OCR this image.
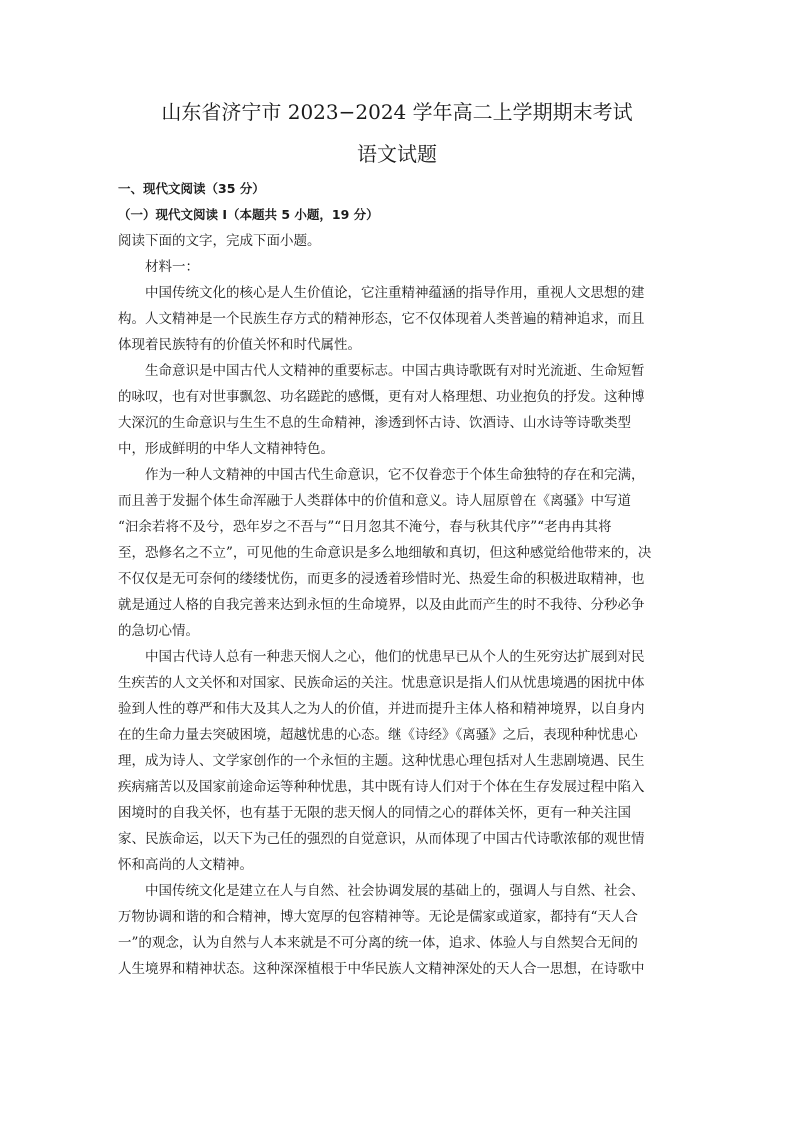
山东省济宁市 2023−2024 学年高二上学期期末考试
语文试题
一、现代文阅读（35 分）
（一）现代文阅读 I（本题共 5 小题，19 分）
阅读下面的文字，完成下面小题。
材料一：
中国传统文化的核心是人生价值论，它注重精神蕴涵的指导作用，重视人文思想的建
构。人文精神是一个民族生存方式的精神形态，它不仅体现着人类普遍的精神追求，而且
体现着民族特有的价值关怀和时代属性。
生命意识是中国古代人文精神的重要标志。中国古典诗歌既有对时光流逝、生命短暂
的咏叹，也有对世事飘忽、功名蹉跎的感慨，更有对人格理想、功业抱负的抒发。这种博
大深沉的生命意识与生生不息的生命精神，渗透到怀古诗、饮酒诗、山水诗等诗歌类型
中，形成鲜明的中华人文精神特色。
作为一种人文精神的中国古代生命意识，它不仅眷恋于个体生命独特的存在和完满，
而且善于发掘个体生命浑融于人类群体中的价值和意义。诗人屈原曾在《离骚》中写道
“汩余若将不及兮，恐年岁之不吾与”“日月忽其不淹兮，春与秋其代序”“老冉冉其将
至，恐修名之不立”，可见他的生命意识是多么地细敏和真切，但这种感觉给他带来的，决
不仅仅是无可奈何的缕缕忧伤，而更多的浸透着珍惜时光、热爱生命的积极进取精神，也
就是通过人格的自我完善来达到永恒的生命境界，以及由此而产生的时不我待、分秒必争
的急切心情。
中国古代诗人总有一种悲天悯人之心，他们的忧患早已从个人的生死穷达扩展到对民
生疾苦的人文关怀和对国家、民族命运的关注。忧患意识是指人们从忧患境遇的困扰中体
验到人性的尊严和伟大及其人之为人的价值，并进而提升主体人格和精神境界，以自身内
在的生命力量去突破困境，超越忧患的心态。继《诗经》《离骚》之后，表现种种忧患心
理，成为诗人、文学家创作的一个永恒的主题。这种忧患心理包括对人生悲剧境遇、民生
疾病痛苦以及国家前途命运等种种忧患，其中既有诗人们对于个体在生存发展过程中陷入
困境时的自我关怀，也有基于无限的悲天悯人的同情之心的群体关怀，更有一种关注国
家、民族命运，以天下为己任的强烈的自觉意识，从而体现了中国古代诗歌浓郁的观世情
怀和高尚的人文精神。
中国传统文化是建立在人与自然、社会协调发展的基础上的，强调人与自然、社会、
万物协调和谐的和合精神，博大宽厚的包容精神等。无论是儒家或道家，都持有“天人合
一”的观念，认为自然与人本来就是不可分离的统一体，追求、体验人与自然契合无间的
人生境界和精神状态。这种深深植根于中华民族人文精神深处的天人合一思想，在诗歌中
